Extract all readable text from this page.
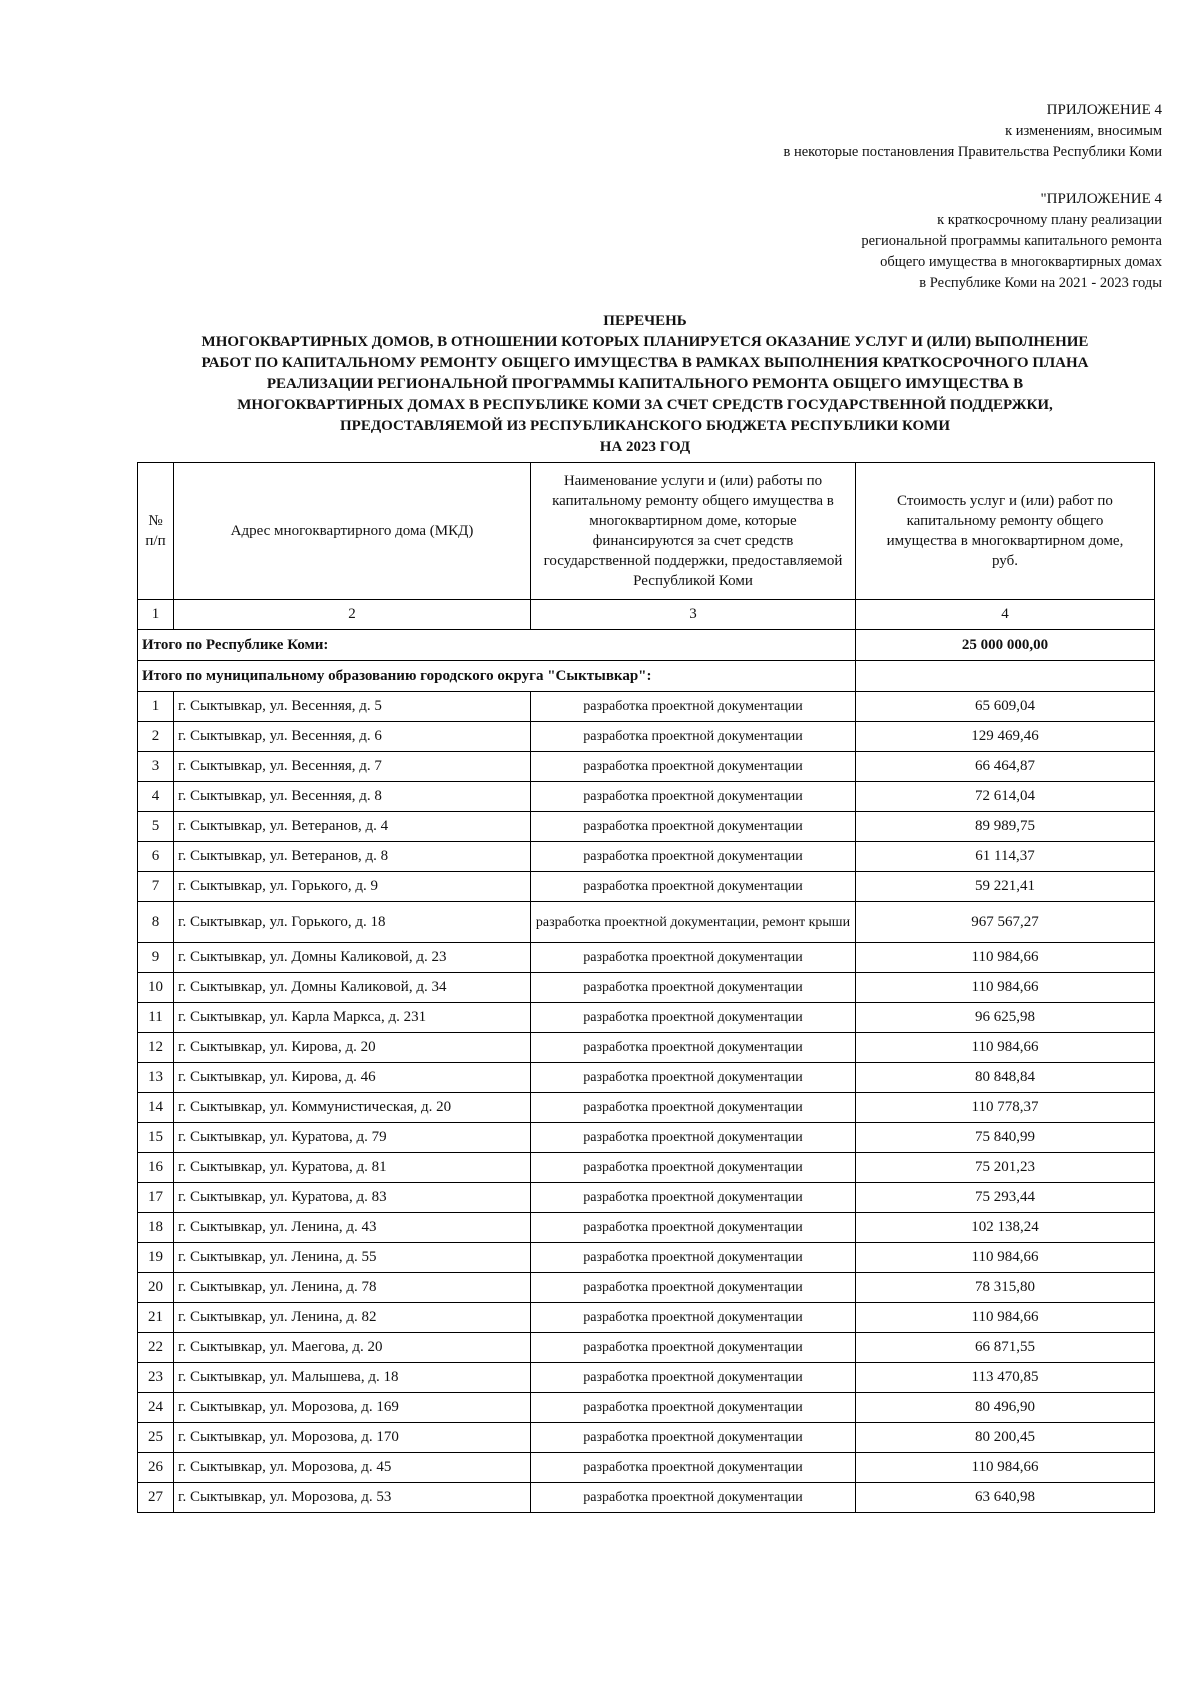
ПРИЛОЖЕНИЕ 4
к изменениям, вносимым
в некоторые постановления Правительства Республики Коми
"ПРИЛОЖЕНИЕ 4
к краткосрочному плану реализации
региональной программы капитального ремонта
общего имущества в многоквартирных домах
в Республике Коми на 2021 - 2023 годы
ПЕРЕЧЕНЬ
МНОГОКВАРТИРНЫХ ДОМОВ, В ОТНОШЕНИИ КОТОРЫХ ПЛАНИРУЕТСЯ ОКАЗАНИЕ УСЛУГ И (ИЛИ) ВЫПОЛНЕНИЕ
РАБОТ ПО КАПИТАЛЬНОМУ РЕМОНТУ ОБЩЕГО ИМУЩЕСТВА В РАМКАХ ВЫПОЛНЕНИЯ КРАТКОСРОЧНОГО ПЛАНА
РЕАЛИЗАЦИИ РЕГИОНАЛЬНОЙ ПРОГРАММЫ КАПИТАЛЬНОГО РЕМОНТА ОБЩЕГО ИМУЩЕСТВА В
МНОГОКВАРТИРНЫХ ДОМАХ В РЕСПУБЛИКЕ КОМИ ЗА СЧЕТ СРЕДСТВ ГОСУДАРСТВЕННОЙ ПОДДЕРЖКИ,
ПРЕДОСТАВЛЯЕМОЙ ИЗ РЕСПУБЛИКАНСКОГО БЮДЖЕТА РЕСПУБЛИКИ КОМИ
НА 2023 ГОД
№ п/п	Адрес многоквартирного дома (МКД)	Наименование услуги и (или) работы по капитальному ремонту общего имущества в многоквартирном доме, которые финансируются за счет средств государственной поддержки, предоставляемой Республикой Коми	Стоимость услуг и (или) работ по капитальному ремонту общего имущества в многоквартирном доме, руб.
1	2	3	4
Итого по Республике Коми:			25 000 000,00
Итого по муниципальному образованию городского округа "Сыктывкар":			
1	г. Сыктывкар, ул. Весенняя, д. 5	разработка проектной документации	65 609,04
2	г. Сыктывкар, ул. Весенняя, д. 6	разработка проектной документации	129 469,46
3	г. Сыктывкар, ул. Весенняя, д. 7	разработка проектной документации	66 464,87
4	г. Сыктывкар, ул. Весенняя, д. 8	разработка проектной документации	72 614,04
5	г. Сыктывкар, ул. Ветеранов, д. 4	разработка проектной документации	89 989,75
6	г. Сыктывкар, ул. Ветеранов, д. 8	разработка проектной документации	61 114,37
7	г. Сыктывкар, ул. Горького, д. 9	разработка проектной документации	59 221,41
8	г. Сыктывкар, ул. Горького, д. 18	разработка проектной документации, ремонт крыши	967 567,27
9	г. Сыктывкар, ул. Домны Каликовой, д. 23	разработка проектной документации	110 984,66
10	г. Сыктывкар, ул. Домны Каликовой, д. 34	разработка проектной документации	110 984,66
11	г. Сыктывкар, ул. Карла Маркса, д. 231	разработка проектной документации	96 625,98
12	г. Сыктывкар, ул. Кирова, д. 20	разработка проектной документации	110 984,66
13	г. Сыктывкар, ул. Кирова, д. 46	разработка проектной документации	80 848,84
14	г. Сыктывкар, ул. Коммунистическая, д. 20	разработка проектной документации	110 778,37
15	г. Сыктывкар, ул. Куратова, д. 79	разработка проектной документации	75 840,99
16	г. Сыктывкар, ул. Куратова, д. 81	разработка проектной документации	75 201,23
17	г. Сыктывкар, ул. Куратова, д. 83	разработка проектной документации	75 293,44
18	г. Сыктывкар, ул. Ленина, д. 43	разработка проектной документации	102 138,24
19	г. Сыктывкар, ул. Ленина, д. 55	разработка проектной документации	110 984,66
20	г. Сыктывкар, ул. Ленина, д. 78	разработка проектной документации	78 315,80
21	г. Сыктывкар, ул. Ленина, д. 82	разработка проектной документации	110 984,66
22	г. Сыктывкар, ул. Маегова, д. 20	разработка проектной документации	66 871,55
23	г. Сыктывкар, ул. Малышева, д. 18	разработка проектной документации	113 470,85
24	г. Сыктывкар, ул. Морозова, д. 169	разработка проектной документации	80 496,90
25	г. Сыктывкар, ул. Морозова, д. 170	разработка проектной документации	80 200,45
26	г. Сыктывкар, ул. Морозова, д. 45	разработка проектной документации	110 984,66
27	г. Сыктывкар, ул. Морозова, д. 53	разработка проектной документации	63 640,98
